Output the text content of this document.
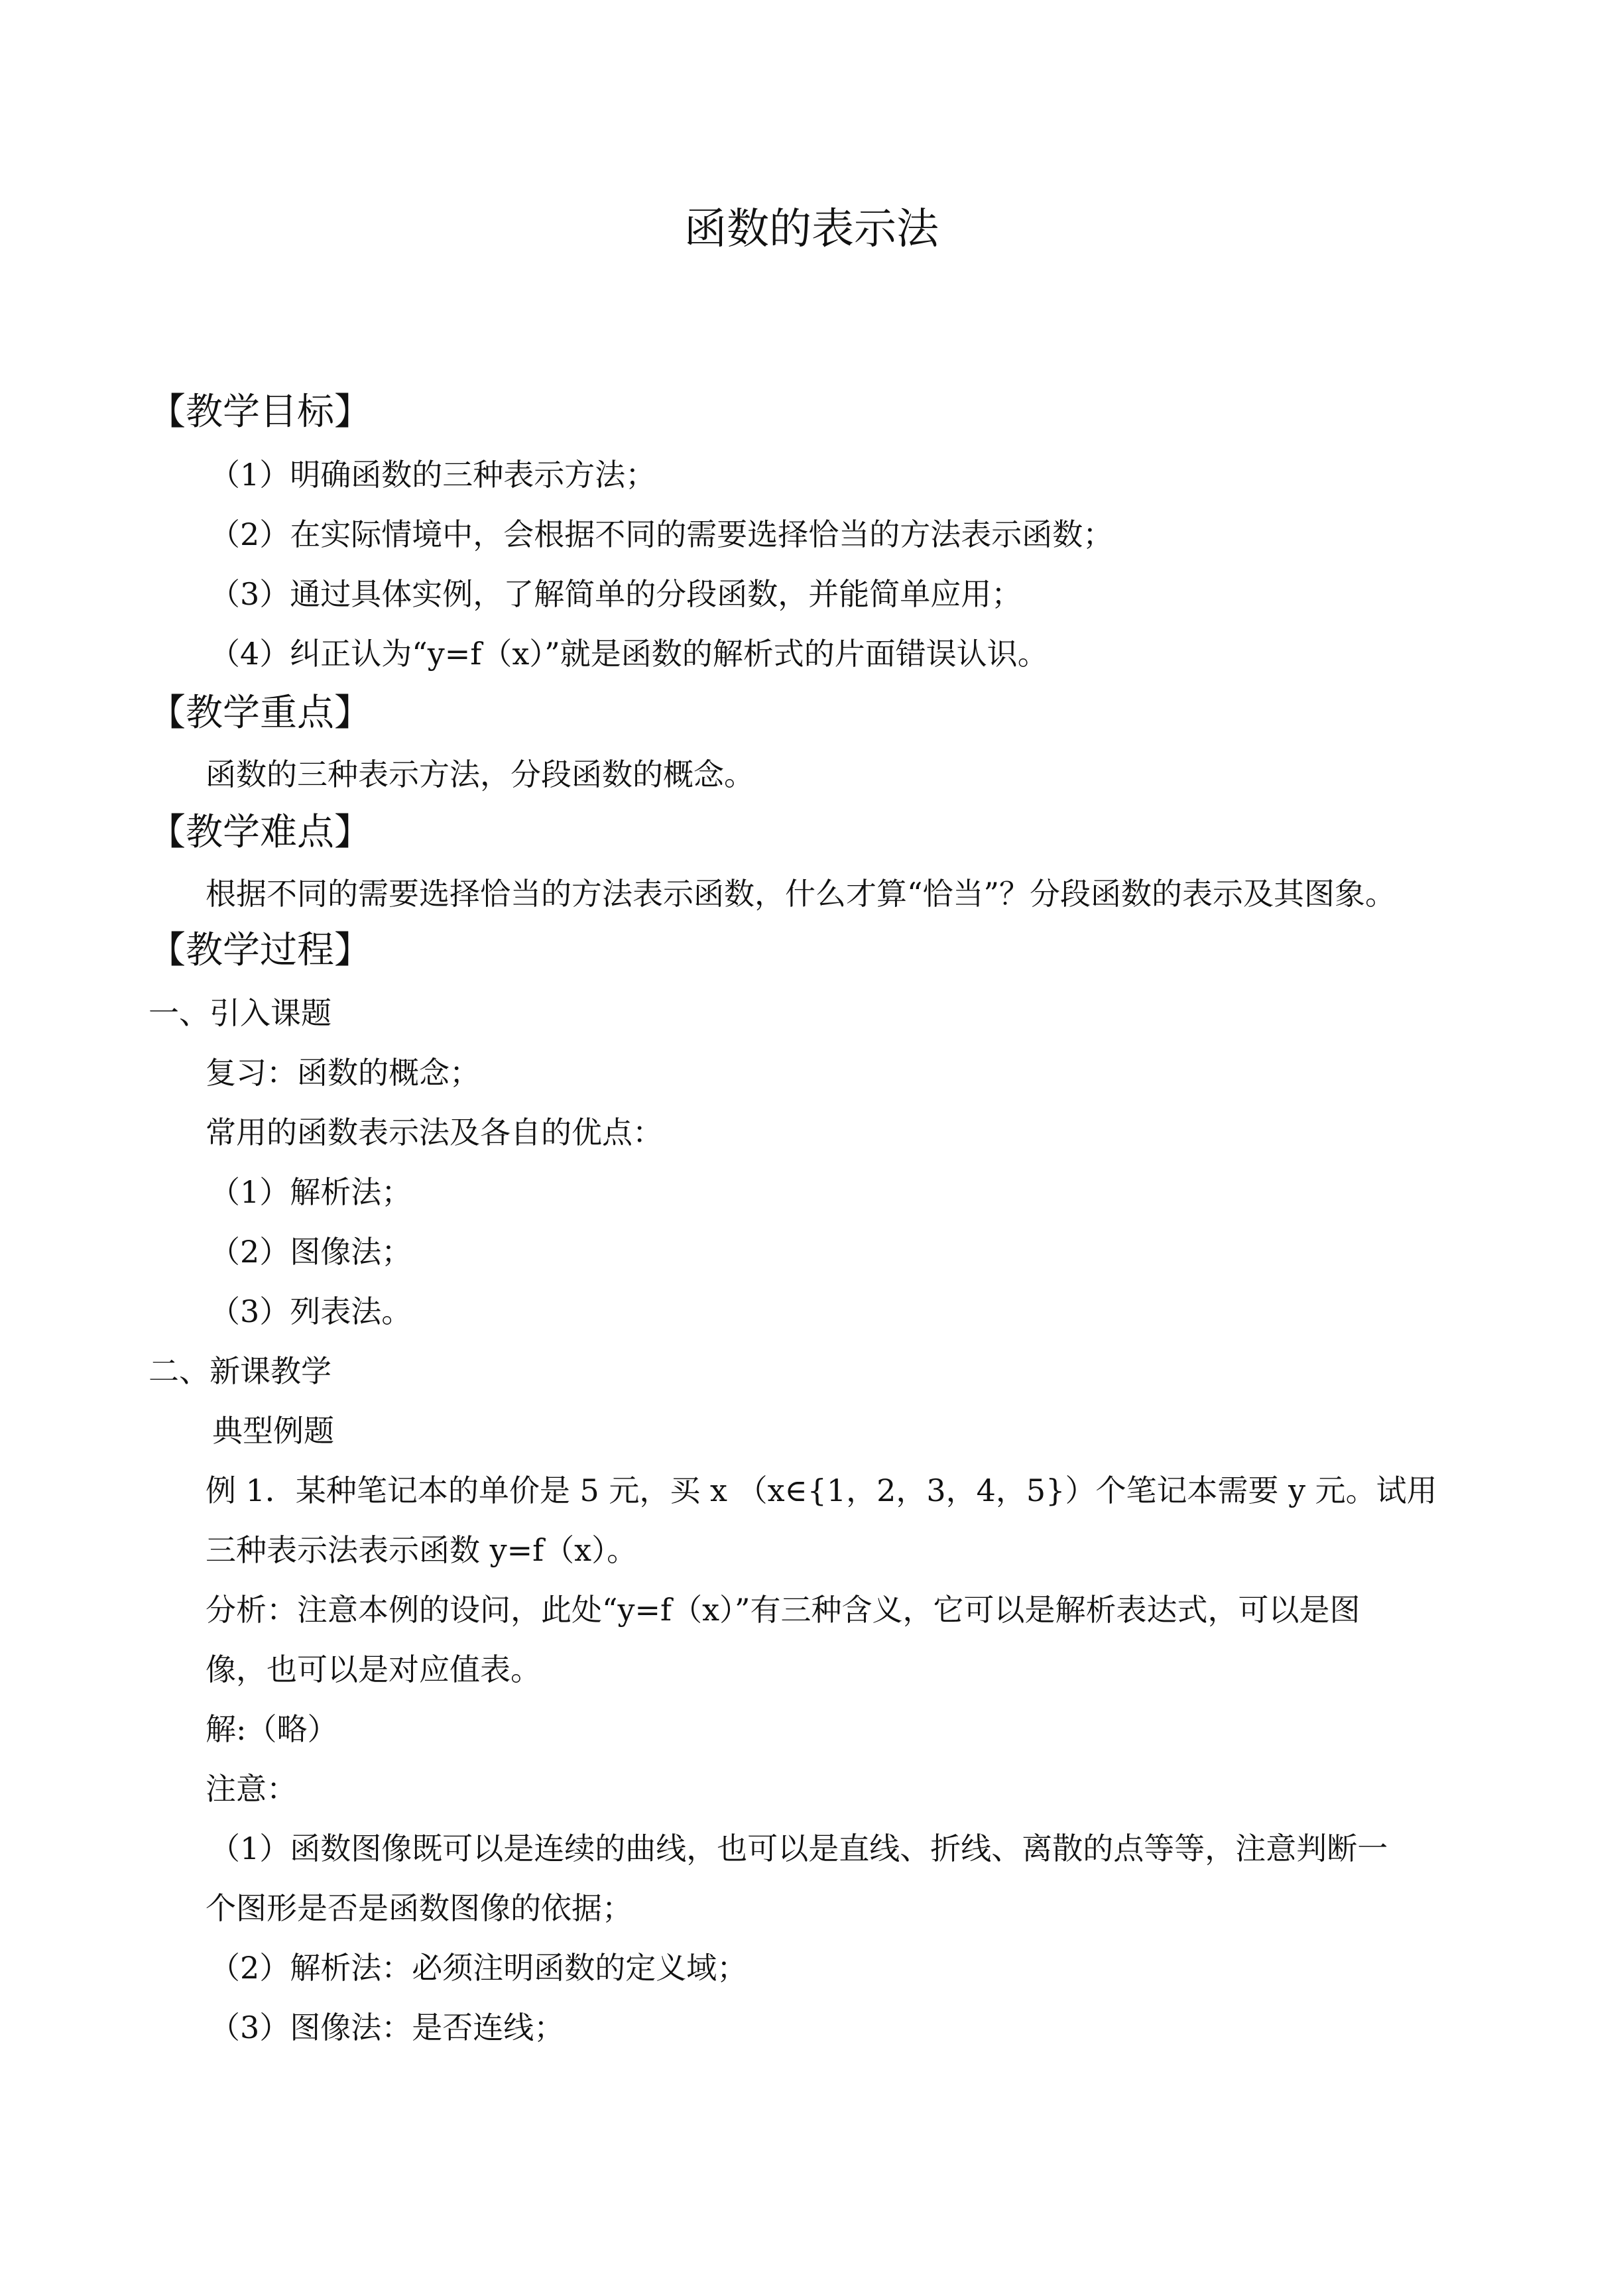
函数的表示法
【教学目标】
（1）明确函数的三种表示方法；
（2）在实际情境中，会根据不同的需要选择恰当的方法表示函数；
（3）通过具体实例，了解简单的分段函数，并能简单应用；
（4）纠正认为“y=f（x）”就是函数的解析式的片面错误认识。
【教学重点】
函数的三种表示方法，分段函数的概念。
【教学难点】
根据不同的需要选择恰当的方法表示函数，什么才算“恰当”？分段函数的表示及其图象。
【教学过程】
一、引入课题
复习：函数的概念；
常用的函数表示法及各自的优点：
（1）解析法；
（2）图像法；
（3）列表法。
二、新课教学
典型例题
例 1．某种笔记本的单价是 5 元，买 x （x∈{1，2，3，4，5}）个笔记本需要 y 元。试用
三种表示法表示函数 y=f（x）。
分析：注意本例的设问，此处“y=f（x）”有三种含义，它可以是解析表达式，可以是图
像，也可以是对应值表。
解:（略）
注意：
（1）函数图像既可以是连续的曲线，也可以是直线、折线、离散的点等等，注意判断一
个图形是否是函数图像的依据；
（2）解析法：必须注明函数的定义域；
（3）图像法：是否连线；
